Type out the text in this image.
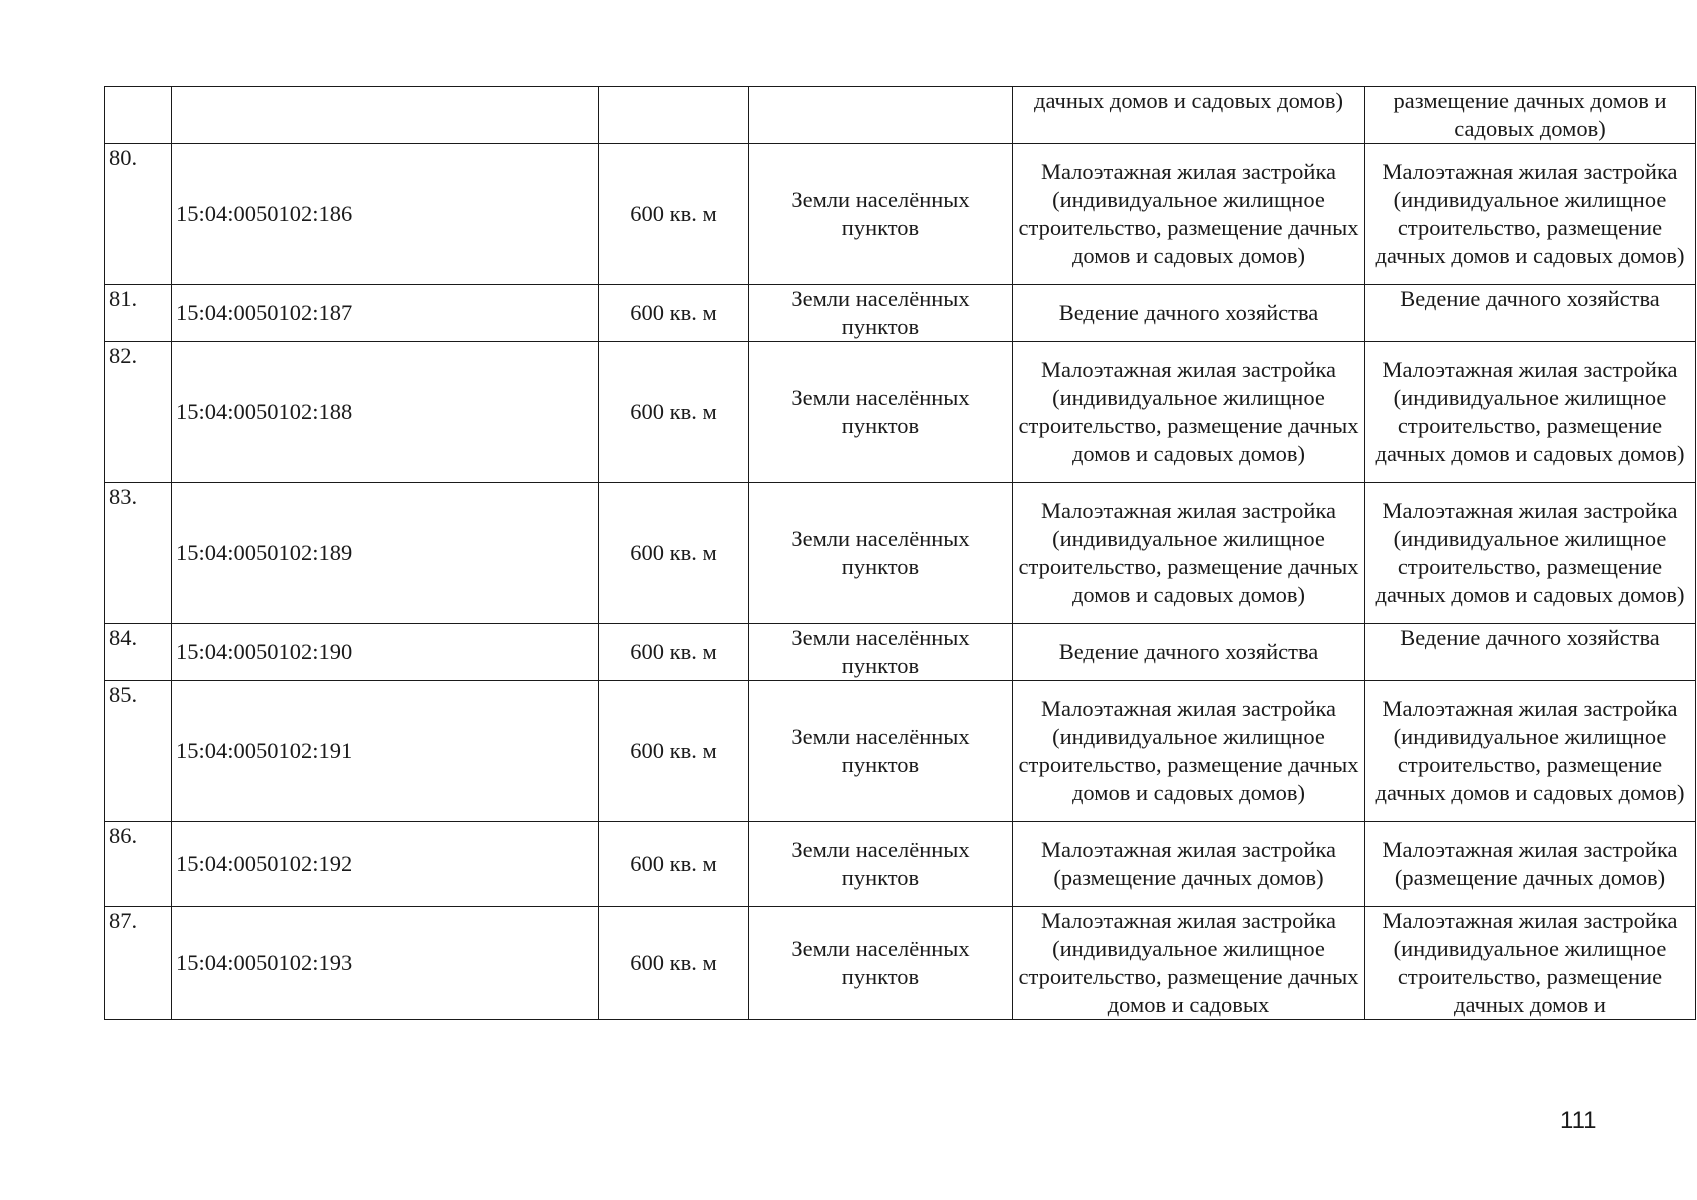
				дачных домов и садовых домов)	размещение дачных домов и садовых домов)
80.	15:04:0050102:186	600 кв. м	Земли населённых пунктов	Малоэтажная жилая застройка (индивидуальное жилищное строительство, размещение дачных домов и садовых домов)	Малоэтажная жилая застройка (индивидуальное жилищное строительство, размещение дачных домов и садовых домов)
81.	15:04:0050102:187	600 кв. м	Земли населённых пунктов	Ведение дачного хозяйства	Ведение дачного хозяйства
82.	15:04:0050102:188	600 кв. м	Земли населённых пунктов	Малоэтажная жилая застройка (индивидуальное жилищное строительство, размещение дачных домов и садовых домов)	Малоэтажная жилая застройка (индивидуальное жилищное строительство, размещение дачных домов и садовых домов)
83.	15:04:0050102:189	600 кв. м	Земли населённых пунктов	Малоэтажная жилая застройка (индивидуальное жилищное строительство, размещение дачных домов и садовых домов)	Малоэтажная жилая застройка (индивидуальное жилищное строительство, размещение дачных домов и садовых домов)
84.	15:04:0050102:190	600 кв. м	Земли населённых пунктов	Ведение дачного хозяйства	Ведение дачного хозяйства
85.	15:04:0050102:191	600 кв. м	Земли населённых пунктов	Малоэтажная жилая застройка (индивидуальное жилищное строительство, размещение дачных домов и садовых домов)	Малоэтажная жилая застройка (индивидуальное жилищное строительство, размещение дачных домов и садовых домов)
86.	15:04:0050102:192	600 кв. м	Земли населённых пунктов	Малоэтажная жилая застройка (размещение дачных домов)	Малоэтажная жилая застройка (размещение дачных домов)
87.	15:04:0050102:193	600 кв. м	Земли населённых пунктов	Малоэтажная жилая застройка (индивидуальное жилищное строительство, размещение дачных домов и садовых	Малоэтажная жилая застройка (индивидуальное жилищное строительство, размещение дачных домов и
111
